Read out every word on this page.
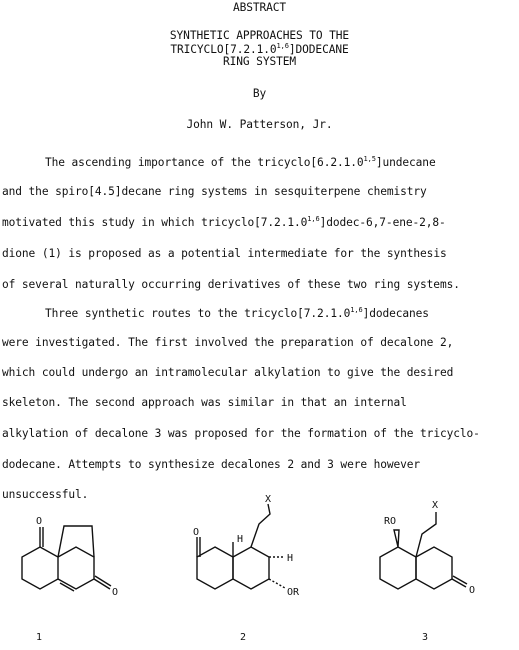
ABSTRACT
SYNTHETIC APPROACHES TO THE
TRICYCLO[7.2.1.0$^{1,6}$]DODECANE
RING SYSTEM
By
John W. Patterson, Jr.
The ascending importance of the tricyclo[6.2.1.0$^{1,5}$]undecane
and the spiro[4.5]decane ring systems in sesquiterpene chemistry
motivated this study in which tricyclo[7.2.1.0$^{1,6}$]dodec-6,7-ene-2,8-
dione (1) is proposed as a potential intermediate for the synthesis
of several naturally occurring derivatives of these two ring systems.
Three synthetic routes to the tricyclo[7.2.1.0$^{1,6}$]dodecanes
were investigated. The first involved the preparation of decalone 2,
which could undergo an intramolecular alkylation to give the desired
skeleton. The second approach was similar in that an internal
alkylation of decalone 3 was proposed for the formation of the tricyclo-
dodecane. Attempts to synthesize decalones 2 and 3 were however
unsuccessful.
O
O
1
O
H
X
H
OR
2
RO
X
O
3
